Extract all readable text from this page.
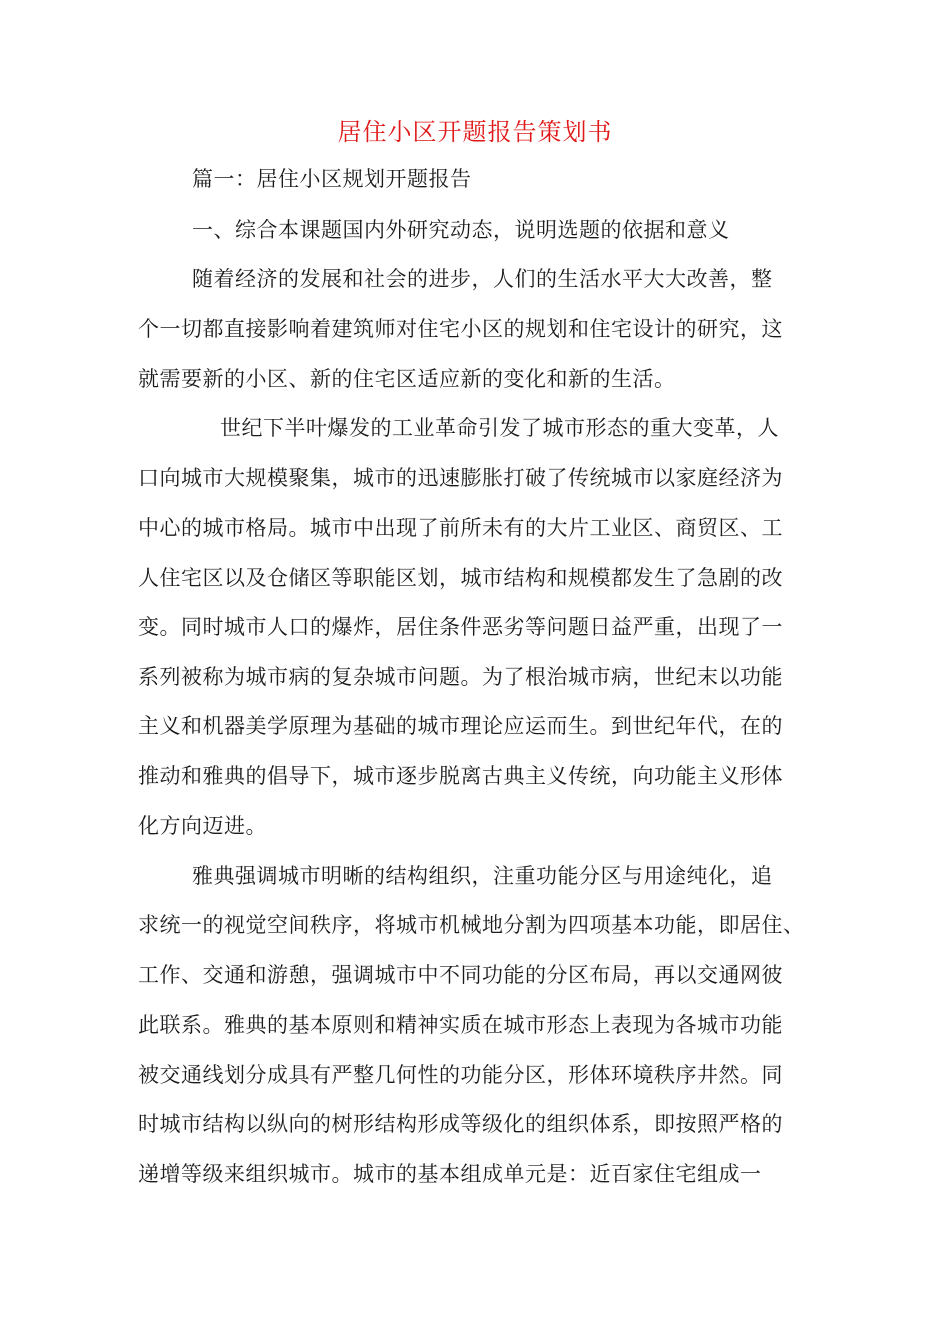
居住小区开题报告策划书
篇一：居住小区规划开题报告
一、综合本课题国内外研究动态，说明选题的依据和意义
随着经济的发展和社会的进步，人们的生活水平大大改善，整
个一切都直接影响着建筑师对住宅小区的规划和住宅设计的研究，这
就需要新的小区、新的住宅区适应新的变化和新的生活。
世纪下半叶爆发的工业革命引发了城市形态的重大变革，人
口向城市大规模聚集，城市的迅速膨胀打破了传统城市以家庭经济为
中心的城市格局。城市中出现了前所未有的大片工业区、商贸区、工
人住宅区以及仓储区等职能区划，城市结构和规模都发生了急剧的改
变。同时城市人口的爆炸，居住条件恶劣等问题日益严重，出现了一
系列被称为城市病的复杂城市问题。为了根治城市病，世纪末以功能
主义和机器美学原理为基础的城市理论应运而生。到世纪年代，在的
推动和雅典的倡导下，城市逐步脱离古典主义传统，向功能主义形体
化方向迈进。
雅典强调城市明晰的结构组织，注重功能分区与用途纯化，追
求统一的视觉空间秩序，将城市机械地分割为四项基本功能，即居住、
工作、交通和游憩，强调城市中不同功能的分区布局，再以交通网彼
此联系。雅典的基本原则和精神实质在城市形态上表现为各城市功能
被交通线划分成具有严整几何性的功能分区，形体环境秩序井然。同
时城市结构以纵向的树形结构形成等级化的组织体系，即按照严格的
递增等级来组织城市。城市的基本组成单元是：近百家住宅组成一
